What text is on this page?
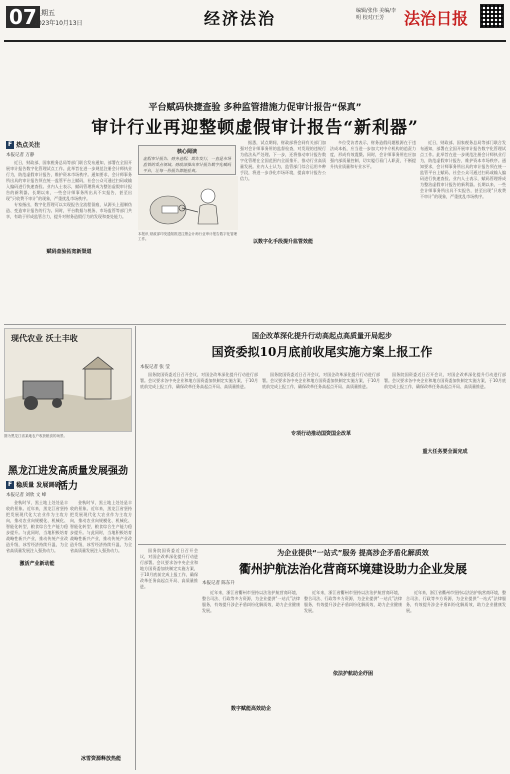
07
星期五
2023年10月13日	经济法治	编辑/张伟 美编/李明 校对/王芳	法治日报
平台赋码快捷查验 多种监管措施力促审计报告“保真”
审计行业再迎整顿虚假审计报告“新利器”
F 热点关注
本报记者 万静
近日，财政部、国家税务总局等部门联合发布通知，部署在全国开展审计报告数字化管理试点工作。此举旨在进一步规范注册会计师执业行为，防范虚假审计报告，维护资本市场秩序。通知要求，会计师事务所出具的审计报告须在统一监管平台上赋码，社会公众可通过扫码或输入编码进行快速查验。业内人士表示，赋码管理将成为整治虚假审计报告的新利器。长期以来，一些会计师事务所出具不实报告，甚至出现“只收费不审计”的现象，严重扰乱市场秩序。
专家指出，数字化管理可以实现报告全流程留痕，从源头上遏制伪造、变造审计报告的行为。同时，平台数据与税务、市场监管等部门共享，有助于形成监管合力，提升对财务造假行为的发现和查处能力。
赋码查验拓宽新渠道
核心阅读
虚假审计报告、财务造假、欺诈发行，一直是市场监管的重点领域。财政部推出审计报告数字化赋码平台，让每一份报告都能验真。
本报讯 财政部印发通知推进注册会计师行业审计报告数字化管理工作。
据悉，试点期间，财政部将会同有关部门加强对会计师事务所的监督检查，对发现的违规行为依法从严处理。下一步，还将推动审计报告数字化管理在全国范围内全面推开，推动行业高质量发展。业内人士认为，监管部门综合运用多种手段，将进一步净化市场环境，提高审计报告公信力。
以数字化手段提升监管效能
多位受访者表示，财务造假问题根源在于违法成本低，应当进一步加大对中介机构的追责力度，形成有效震慑。同时，会计师事务所也应加强内部质量控制，切实履行看门人职责，不断提升执业质量和专业水平。
近日，财政部、国家税务总局等部门联合发布通知，部署在全国开展审计报告数字化管理试点工作。此举旨在进一步规范注册会计师执业行为，防范虚假审计报告，维护资本市场秩序。通知要求，会计师事务所出具的审计报告须在统一监管平台上赋码，社会公众可通过扫码或输入编码进行快速查验。业内人士表示，赋码管理将成为整治虚假审计报告的新利器。长期以来，一些会计师事务所出具不实报告，甚至出现“只收费不审计”的现象，严重扰乱市场秩序。
现代农业 沃土丰收
图为黑龙江省某地农户收获粮食的场景。
黑龙江进发高质量发展强劲活力
F 稳质量 发展调研行
本报记者 刘欣 文 峰
金秋时节，黑土地上处处是丰收的景象。近年来，黑龙江省坚持把发展现代化大农业作为主攻方向，推动农业向规模化、机械化、智能化转型，粮食综合生产能力稳步提升。与此同时，当地积极培育战略性新兴产业，推动传统产业改造升级，冰雪经济持续升温，为全省高质量发展注入强劲动力。
激活产业新动能
金秋时节，黑土地上处处是丰收的景象。近年来，黑龙江省坚持把发展现代化大农业作为主攻方向，推动农业向规模化、机械化、智能化转型，粮食综合生产能力稳步提升。与此同时，当地积极培育战略性新兴产业，推动传统产业改造升级，冰雪经济持续升温，为全省高质量发展注入强劲动力。
冰雪资源释放热能
国企改革深化提升行动高起点高质量开局起步
国资委拟10月底前收尾实施方案上报工作
本报记者 张 莹
国务院国资委近日召开会议，对国企改革深化提升行动进行部署。会议要求各中央企业和地方国资委加快制定实施方案，于10月底前完成上报工作，确保改革任务高起点开局、高质量推进。
国务院国资委近日召开会议，对国企改革深化提升行动进行部署。会议要求各中央企业和地方国资委加快制定实施方案，于10月底前完成上报工作，确保改革任务高起点开局、高质量推进。
专项行动推动国资国企改革
国务院国资委近日召开会议，对国企改革深化提升行动进行部署。会议要求各中央企业和地方国资委加快制定实施方案，于10月底前完成上报工作，确保改革任务高起点开局、高质量推进。
重大任务要全面完成
国务院国资委近日召开会议，对国企改革深化提升行动进行部署。会议要求各中央企业和地方国资委加快制定实施方案，于10月底前完成上报工作，确保改革任务高起点开局、高质量推进。
为企业提供“一站式”服务 提高涉企矛盾化解质效
衢州护航法治化营商环境建设助力企业发展
本报记者 陈东升
近年来，浙江省衢州市坚持以法治护航营商环境，整合司法、行政等多方资源，为企业提供“一站式”法律服务，有效提升涉企矛盾纠纷化解质效，助力企业健康发展。
数字赋能高效助企
近年来，浙江省衢州市坚持以法治护航营商环境，整合司法、行政等多方资源，为企业提供“一站式”法律服务，有效提升涉企矛盾纠纷化解质效，助力企业健康发展。
依法护航助企纾困
近年来，浙江省衢州市坚持以法治护航营商环境，整合司法、行政等多方资源，为企业提供“一站式”法律服务，有效提升涉企矛盾纠纷化解质效，助力企业健康发展。
